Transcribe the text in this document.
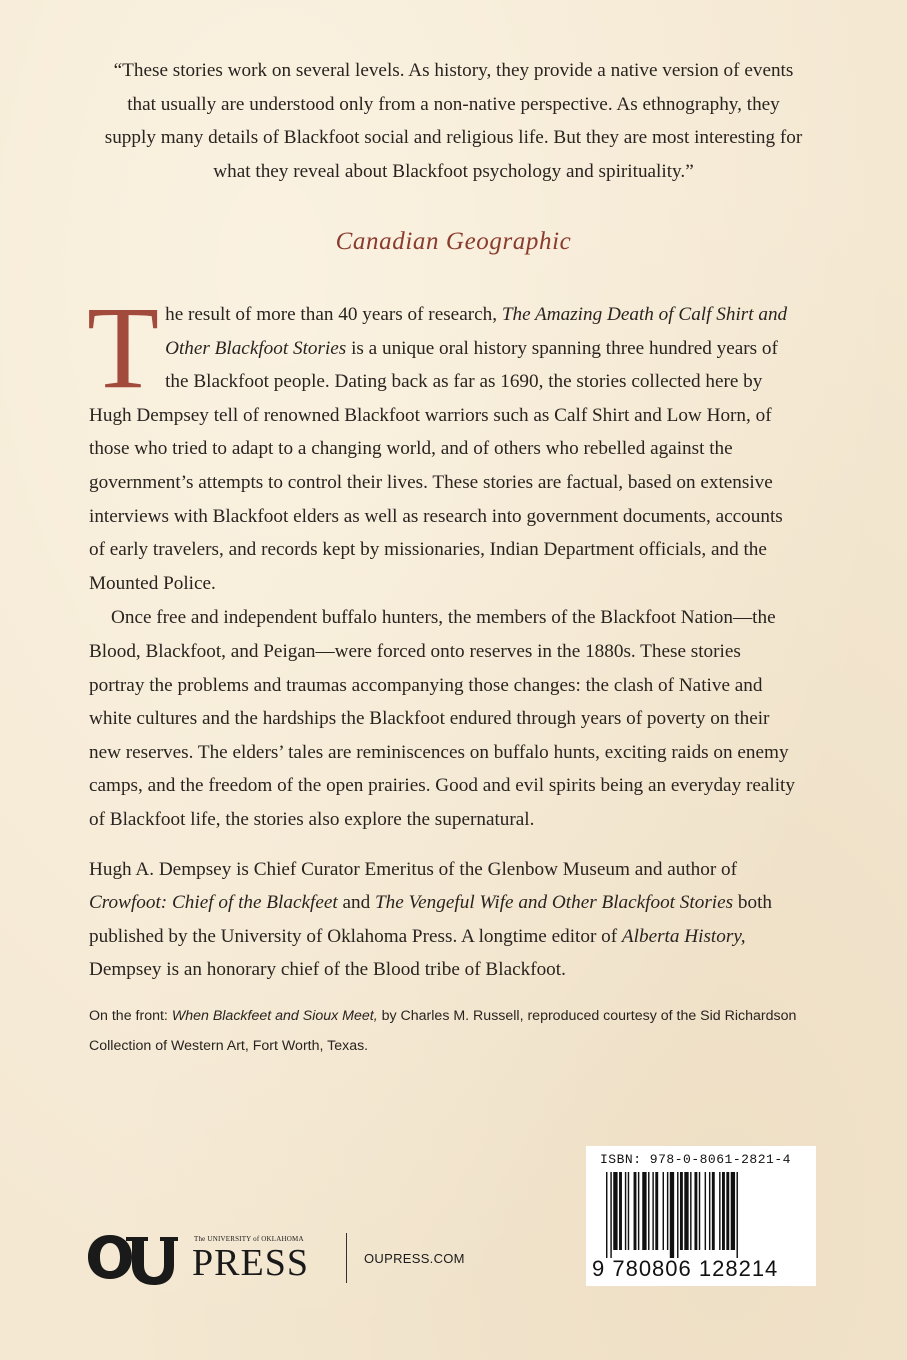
“These stories work on several levels. As history, they provide a native version of events that usually are understood only from a non-native perspective. As ethnography, they supply many details of Blackfoot social and religious life. But they are most interesting for what they reveal about Blackfoot psychology and spirituality.”

Canadian Geographic

The result of more than 40 years of research, The Amazing Death of Calf Shirt and Other Blackfoot Stories is a unique oral history spanning three hundred years of the Blackfoot people. Dating back as far as 1690, the stories collected here by Hugh Dempsey tell of renowned Blackfoot warriors such as Calf Shirt and Low Horn, of those who tried to adapt to a changing world, and of others who rebelled against the government’s attempts to control their lives. These stories are factual, based on extensive interviews with Blackfoot elders as well as research into government documents, accounts of early travelers, and records kept by missionaries, Indian Department officials, and the Mounted Police.

Once free and independent buffalo hunters, the members of the Blackfoot Nation—the Blood, Blackfoot, and Peigan—were forced onto reserves in the 1880s. These stories portray the problems and traumas accompanying those changes: the clash of Native and white cultures and the hardships the Blackfoot endured through years of poverty on their new reserves. The elders’ tales are reminiscences on buffalo hunts, exciting raids on enemy camps, and the freedom of the open prairies. Good and evil spirits being an everyday reality of Blackfoot life, the stories also explore the supernatural.

Hugh A. Dempsey is Chief Curator Emeritus of the Glenbow Museum and author of Crowfoot: Chief of the Blackfeet and The Vengeful Wife and Other Blackfoot Stories both published by the University of Oklahoma Press. A longtime editor of Alberta History, Dempsey is an honorary chief of the Blood tribe of Blackfoot.

On the front: When Blackfeet and Sioux Meet, by Charles M. Russell, reproduced courtesy of the Sid Richardson Collection of Western Art, Fort Worth, Texas.

ISBN: 978-0-8061-2821-4
9 780806 128214
The UNIVERSITY of OKLAHOMA
PRESS	OUPRESS.COM
